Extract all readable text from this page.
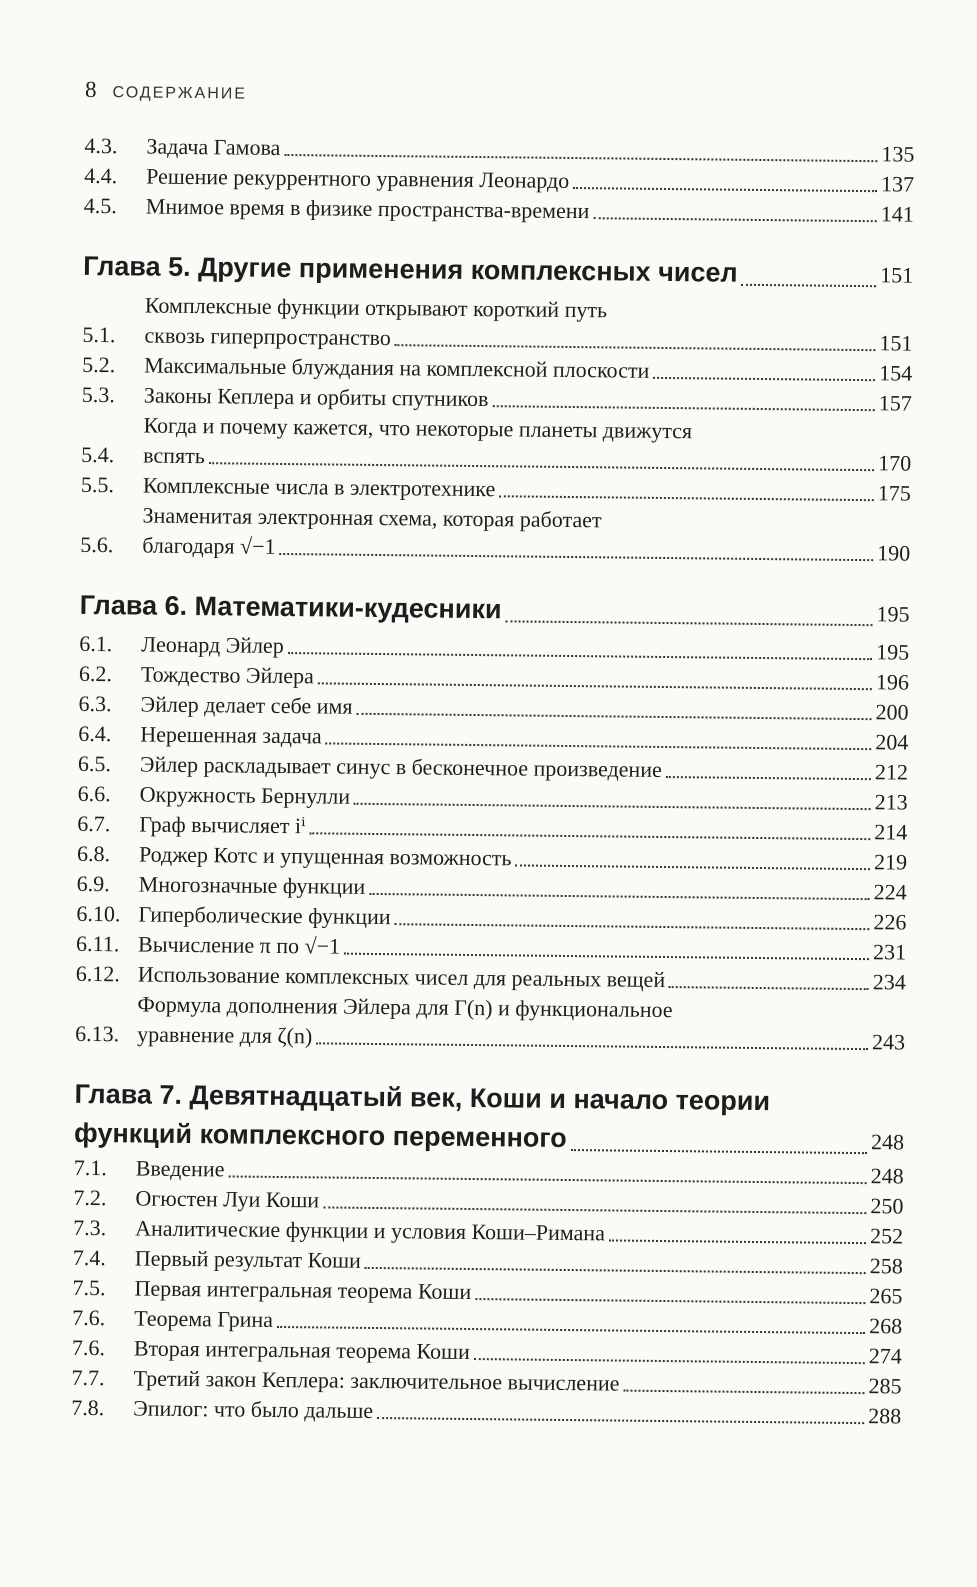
8 СОДЕРЖАНИЕ
4.3.	Задача Гамова	135
4.4.	Решение рекуррентного уравнения Леонардо	137
4.5.	Мнимое время в физике пространства-времени	141
Глава 5. Другие применения комплексных чисел	151
5.1.
Комплексные функции открывают короткий путь
сквозь гиперпространство	151
5.2.	Максимальные блуждания на комплексной плоскости	154
5.3.	Законы Кеплера и орбиты спутников	157
5.4.
Когда и почему кажется, что некоторые планеты движутся
вспять	170
5.5.	Комплексные числа в электротехнике	175
5.6.
Знаменитая электронная схема, которая работает
благодаря √−1	190
Глава 6. Математики-кудесники	195
6.1.	Леонард Эйлер	195
6.2.	Тождество Эйлера	196
6.3.	Эйлер делает себе имя	200
6.4.	Нерешенная задача	204
6.5.	Эйлер раскладывает синус в бесконечное произведение	212
6.6.	Окружность Бернулли	213
6.7.	Граф вычисляет iⁱ	214
6.8.	Роджер Котс и упущенная возможность	219
6.9.	Многозначные функции	224
6.10. Гиперболические функции	226
6.11. Вычисление π по √−1	231
6.12. Использование комплексных чисел для реальных вещей	234
6.13.
Формула дополнения Эйлера для Γ(n) и функциональное
уравнение для ζ(n)	243
Глава 7. Девятнадцатый век, Коши и начало теории
функций комплексного переменного	248
7.1.	Введение	248
7.2.	Огюстен Луи Коши	250
7.3.	Аналитические функции и условия Коши–Римана	252
7.4.	Первый результат Коши	258
7.5.	Первая интегральная теорема Коши	265
7.6.	Теорема Грина	268
7.6.	Вторая интегральная теорема Коши	274
7.7.	Третий закон Кеплера: заключительное вычисление	285
7.8.	Эпилог: что было дальше	288
